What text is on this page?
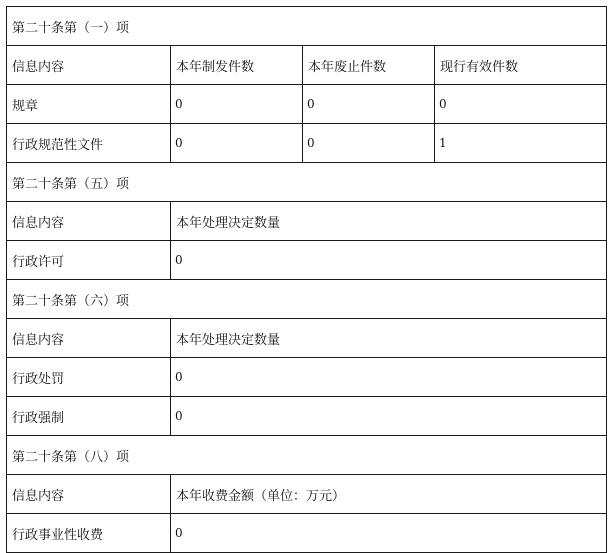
第二十条第（一）项			
信息内容	本年制发件数	本年废止件数	现行有效件数
规章	0	0	0
行政规范性文件	0	0	1
第二十条第（五）项			
信息内容	本年处理决定数量		
行政许可	0		
第二十条第（六）项			
信息内容	本年处理决定数量		
行政处罚	0		
行政强制	0		
第二十条第（八）项			
信息内容	本年收费金额（单位：万元）		
行政事业性收费	0		
